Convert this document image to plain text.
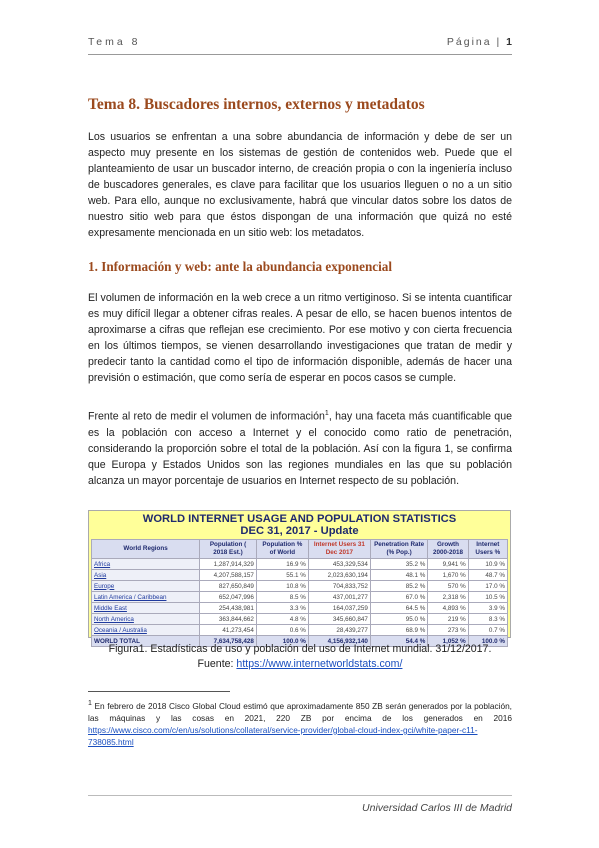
Tema 8	Página | 1
Tema 8. Buscadores internos, externos y metadatos
Los usuarios se enfrentan a una sobre abundancia de información y debe de ser un aspecto muy presente en los sistemas de gestión de contenidos web. Puede que el planteamiento de usar un buscador interno, de creación propia o con la ingeniería incluso de buscadores generales, es clave para facilitar que los usuarios lleguen o no a un sitio web. Para ello, aunque no exclusivamente, habrá que vincular datos sobre los datos de nuestro sitio web para que éstos dispongan de una información que quizá no esté expresamente mencionada en un sitio web: los metadatos.
1. Información y web: ante la abundancia exponencial
El volumen de información en la web crece a un ritmo vertiginoso. Si se intenta cuantificar es muy difícil llegar a obtener cifras reales. A pesar de ello, se hacen buenos intentos de aproximarse a cifras que reflejan ese crecimiento. Por ese motivo y con cierta frecuencia en los últimos tiempos, se vienen desarrollando investigaciones que tratan de medir y predecir tanto la cantidad como el tipo de información disponible, además de hacer una previsión o estimación, que como sería de esperar en pocos casos se cumple.
Frente al reto de medir el volumen de información$^1$, hay una faceta más cuantificable que es la población con acceso a Internet y el conocido como ratio de penetración, considerando la proporción sobre el total de la población. Así con la figura 1, se confirma que Europa y Estados Unidos son las regiones mundiales en las que su población alcanza un mayor porcentaje de usuarios en Internet respecto de su población.
WORLD INTERNET USAGE AND POPULATION STATISTICS
DEC 31, 2017 - Update
World Regions	Population ( 2018 Est.)	Population % of World	Internet Users 31 Dec 2017	Penetration Rate (% Pop.)	Growth 2000-2018	Internet Users %
Africa	1,287,914,329	16.9 %	453,329,534	35.2 %	9,941 %	10.9 %
Asia	4,207,588,157	55.1 %	2,023,630,194	48.1 %	1,670 %	48.7 %
Europe	827,650,849	10.8 %	704,833,752	85.2 %	570 %	17.0 %
Latin America / Caribbean	652,047,996	8.5 %	437,001,277	67.0 %	2,318 %	10.5 %
Middle East	254,438,981	3.3 %	164,037,259	64.5 %	4,893 %	3.9 %
North America	363,844,662	4.8 %	345,660,847	95.0 %	219 %	8.3 %
Oceania / Australia	41,273,454	0.6 %	28,439,277	68.9 %	273 %	0.7 %
WORLD TOTAL	7,634,758,428	100.0 %	4,156,932,140	54.4 %	1,052 %	100.0 %
Figura1. Estadísticas de uso y población del uso de Internet mundial. 31/12/2017.
Fuente: https://www.internetworldstats.com/
$^1$ En febrero de 2018 Cisco Global Cloud estimó que aproximadamente 850 ZB serán generados por la población, las máquinas y las cosas en 2021, 220 ZB por encima de los generados en 2016 https://www.cisco.com/c/en/us/solutions/collateral/service-provider/global-cloud-index-gci/white-paper-c11-738085.html
Universidad Carlos III de Madrid
